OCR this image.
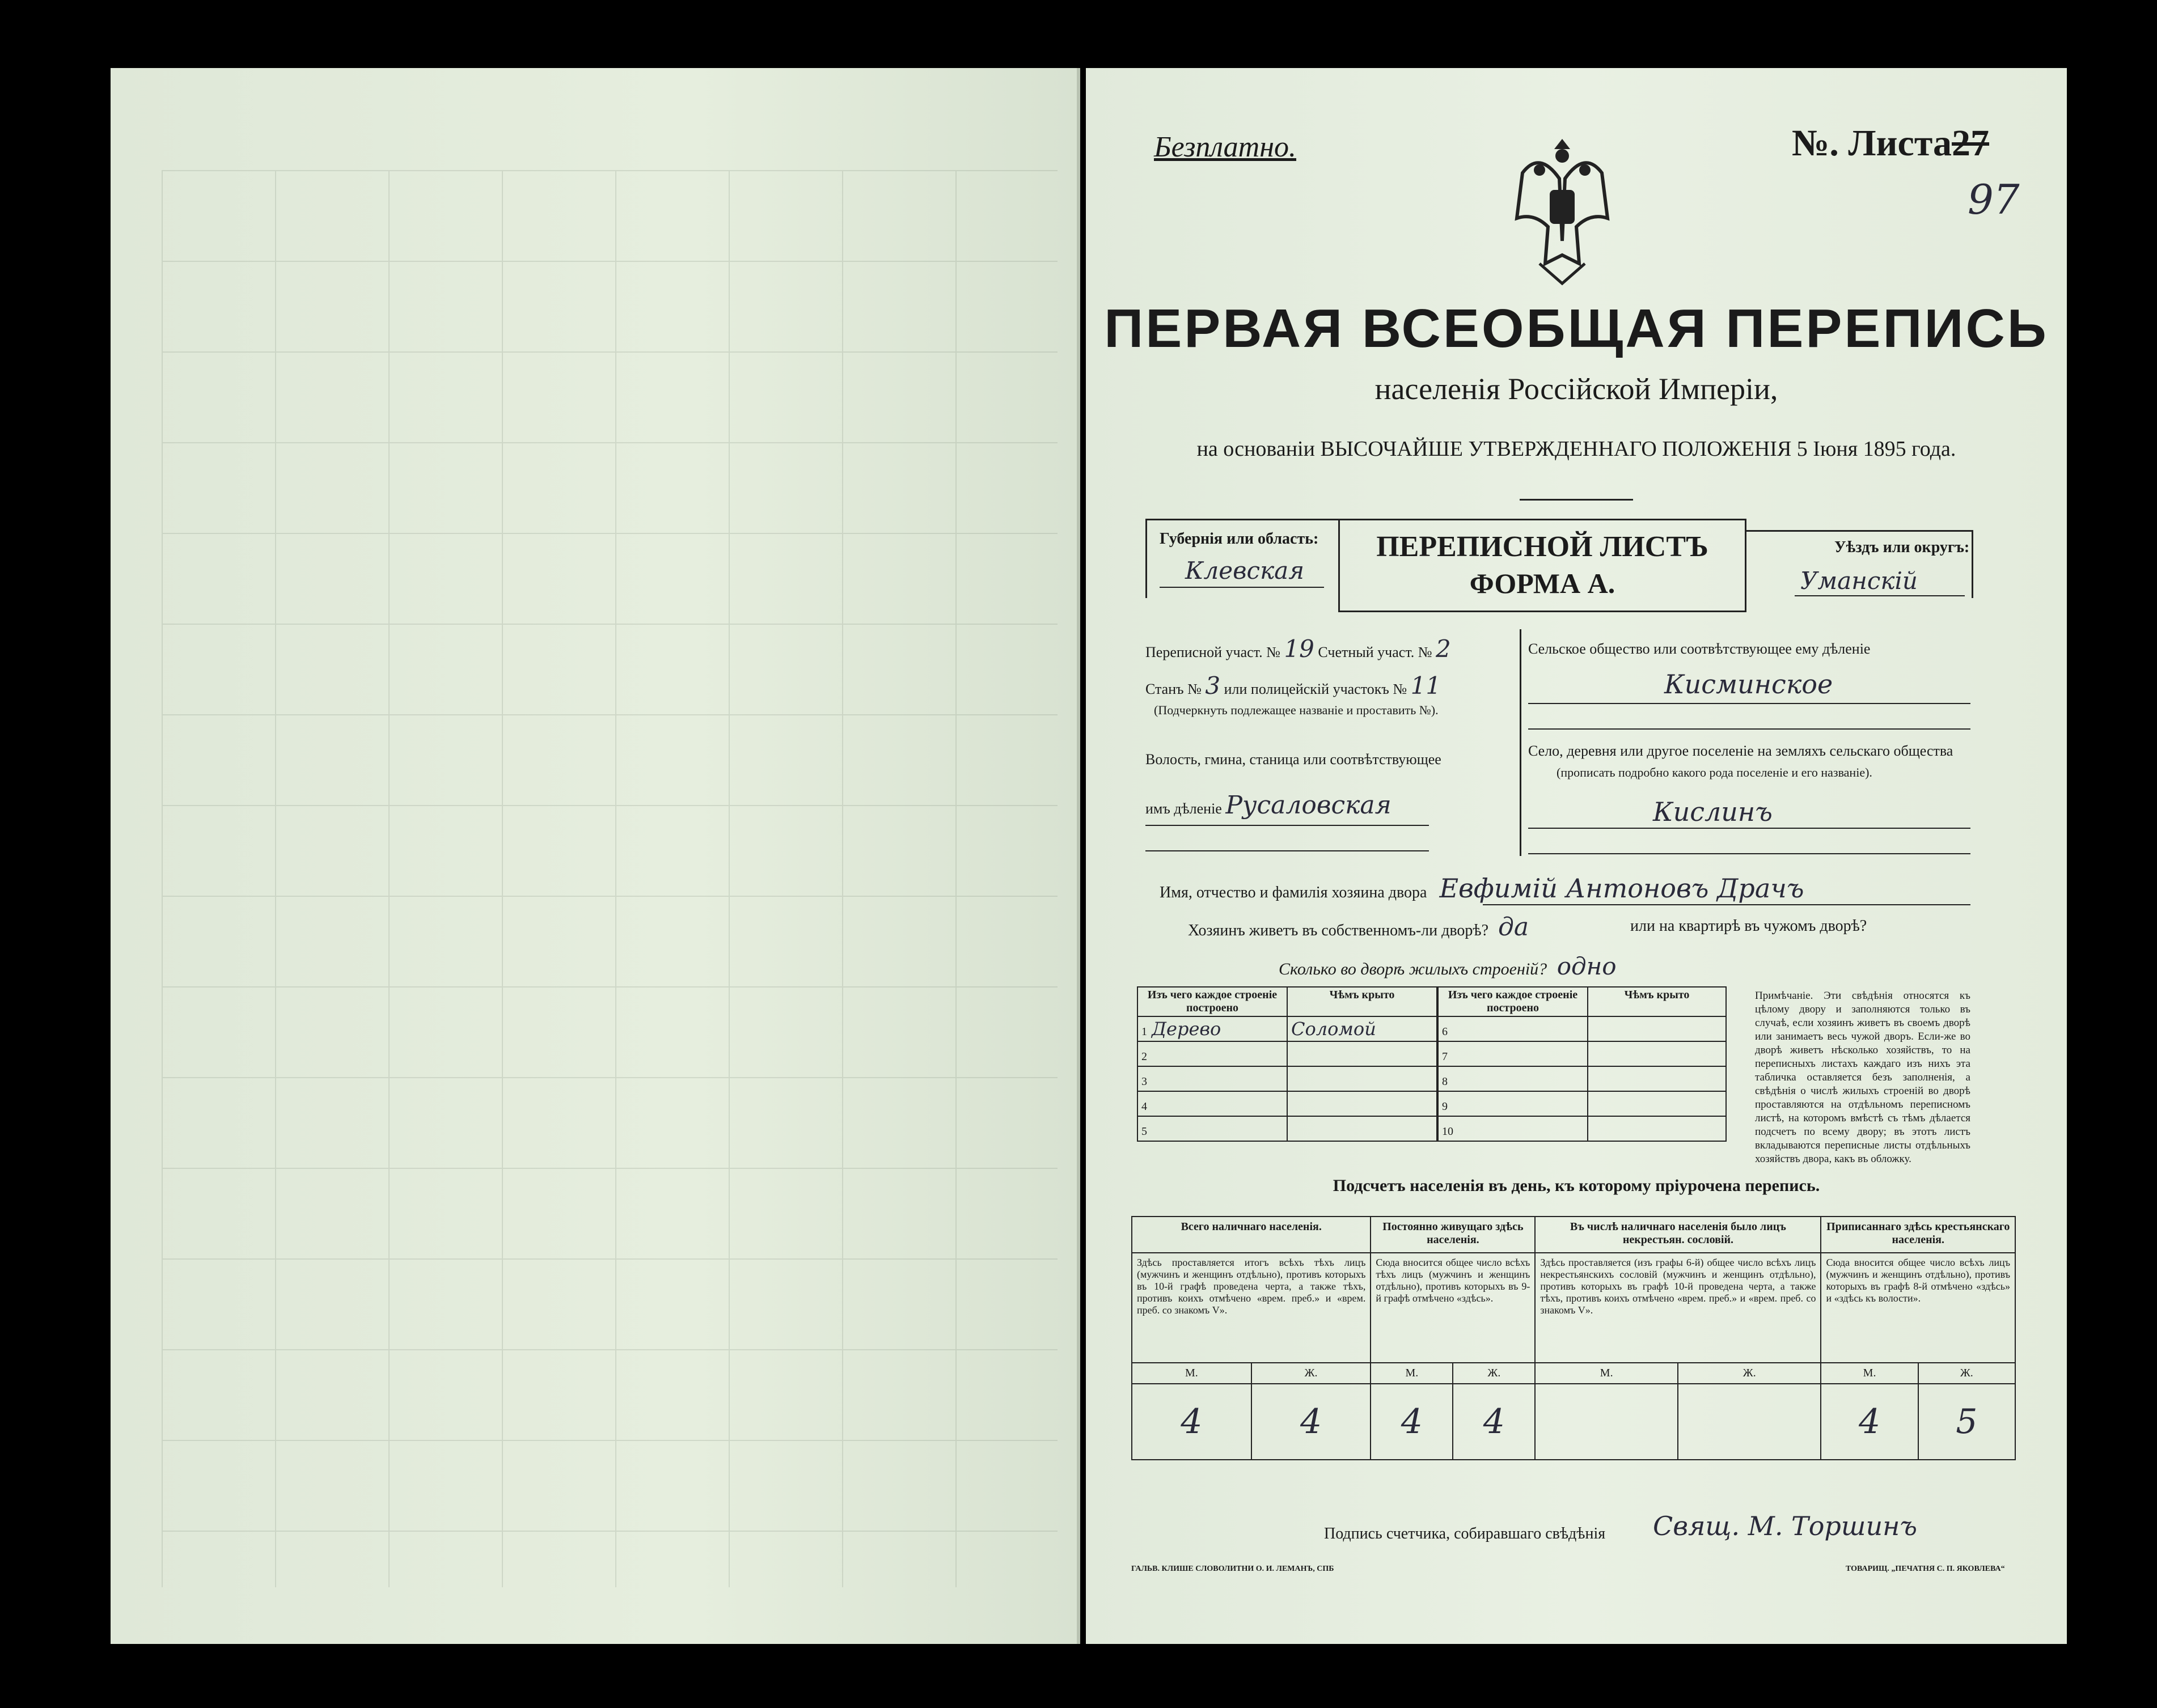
Безплатно.	№. Листа27
97
ПЕРВАЯ ВСЕОБЩАЯ ПЕРЕПИСЬ
населенія Россійской Имперіи,
на основаніи ВЫСОЧАЙШЕ УТВЕРЖДЕННАГО ПОЛОЖЕНІЯ 5 Іюня 1895 года.
Губернія или область:
Клевская
ПЕРЕПИСНОЙ ЛИСТЪ
ФОРМА А.
Уѣздъ или округъ:
Уманскій
Переписной участ. № 19 Счетный участ. № 2
Станъ № 3 или полицейскій участокъ № 11
(Подчеркнуть подлежащее названіе и проставить №).
Волость, гмина, станица или соотвѣтствующее
имъ дѣленіе Русаловская
Сельское общество или соотвѣтствующее ему дѣленіе
Кисминское
Село, деревня или другое поселеніе на земляхъ сельскаго общества
(прописать подробно какого рода поселеніе и его названіе).
Кислинъ
Имя, отчество и фамилія хозяина двора Евфимій Антоновъ Драчъ
Хозяинъ живетъ въ собственномъ-ли дворѣ? да	или на квартирѣ въ чужомъ дворѣ?
Сколько во дворѣ жилыхъ строеній? одно
Изъ чего каждое строеніе построено	Чѣмъ крыто
1 Дерево	Соломой
2	
3	
4	
5	
Изъ чего каждое строеніе построено	Чѣмъ крыто
6	
7	
8	
9	
10	
Примѣчаніе. Эти свѣдѣнія относятся къ цѣлому двору и заполняются только въ случаѣ, если хозяинъ живетъ въ своемъ дворѣ или занимаетъ весь чужой дворъ. Если-же во дворѣ живетъ нѣсколько хозяйствъ, то на переписныхъ листахъ каждаго изъ нихъ эта табличка оставляется безъ заполненія, а свѣдѣнія о числѣ жилыхъ строеній во дворѣ проставляются на отдѣльномъ переписномъ листѣ, на которомъ вмѣстѣ съ тѣмъ дѣлается подсчетъ по всему двору; въ этотъ листъ вкладываются переписные листы отдѣльныхъ хозяйствъ двора, какъ въ обложку.
Подсчетъ населенія въ день, къ которому пріурочена перепись.
Всего наличнаго населенія.		Постоянно живущаго здѣсь населенія.		Въ числѣ наличнаго населенія было лицъ некрестьян. сословій.		Приписаннаго здѣсь крестьянскаго населенія.	
Здѣсь проставляется итогъ всѣхъ тѣхъ лицъ (мужчинъ и женщинъ отдѣльно), противъ которыхъ въ 10-й графѣ проведена черта, а также тѣхъ, противъ коихъ отмѣчено «врем. преб.» и «врем. преб. со знакомъ V».		Сюда вносится общее число всѣхъ тѣхъ лицъ (мужчинъ и женщинъ отдѣльно), противъ которыхъ въ 9-й графѣ отмѣчено «здѣсь».		Здѣсь проставляется (изъ графы 6-й) общее число всѣхъ лицъ некрестьянскихъ сословій (мужчинъ и женщинъ отдѣльно), противъ которыхъ въ графѣ 10-й проведена черта, а также тѣхъ, противъ коихъ отмѣчено «врем. преб.» и «врем. преб. со знакомъ V».		Сюда вносится общее число всѣхъ лицъ (мужчинъ и женщинъ отдѣльно), противъ которыхъ въ графѣ 8-й отмѣчено «здѣсь» и «здѣсь къ волости».	
М.	Ж.	М.	Ж.	М.	Ж.	М.	Ж.
4	4	4	4			4	5
Подпись счетчика, собиравшаго свѣдѣнія Свящ. М. Торшинъ
ГАЛЬВ. КЛИШЕ СЛОВОЛИТНИ О. И. ЛЕМАНЪ, СПБ	ТОВАРИЩ. „ПЕЧАТНЯ С. П. ЯКОВЛЕВА“
